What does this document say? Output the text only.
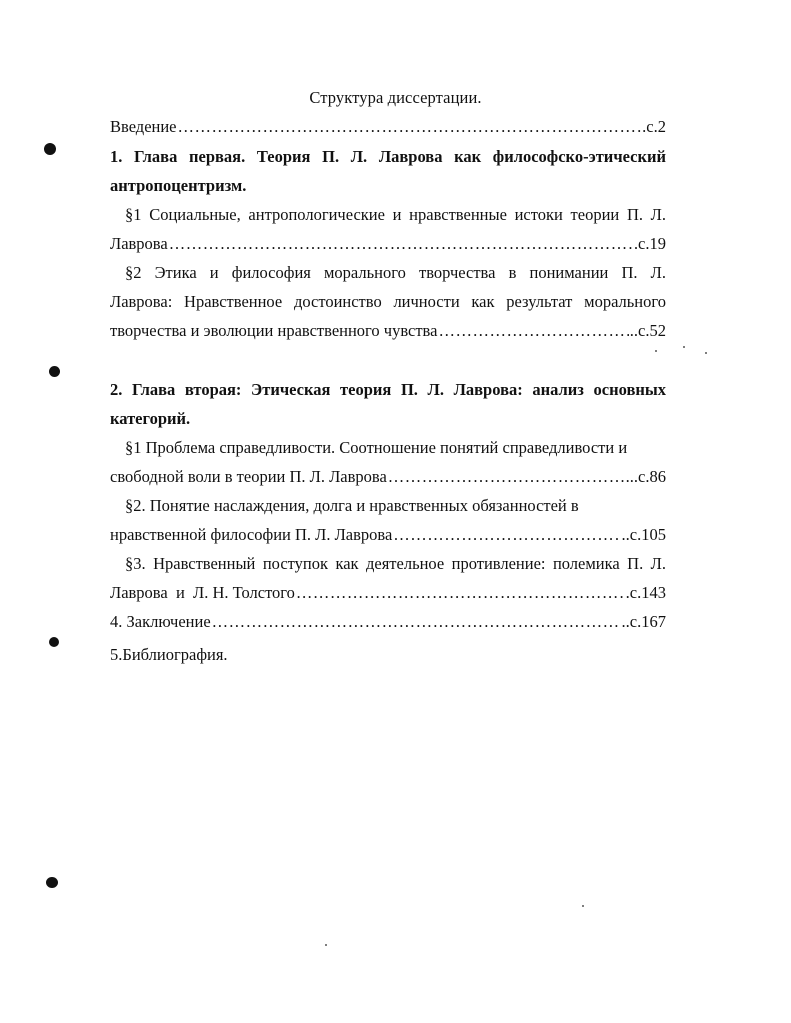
Структура диссертации.
Введение ……………………………………………………………………………………………………………………………………………………………………………………………………	.с.2
1. Глава первая. Теория П. Л. Лаврова как философско-этический
антропоцентризм.
§1 Социальные, антропологические и нравственные истоки теории П. Л.
Лаврова ……………………………………………………………………………………………………………………………………………………………………………………………………	с.19
§2 Этика и философия морального творчества в понимании П. Л.
Лаврова: Нравственное достоинство личности как результат морального
творчества и эволюции нравственного чувства ……………………………………………………………………………………………………………………………………………………………………………………………………	..с.52
2. Глава вторая: Этическая теория П. Л. Лаврова: анализ основных
категорий.
§1 Проблема справедливости. Соотношение понятий справедливости и
свободной воли в теории П. Л. Лаврова ……………………………………………………………………………………………………………………………………………………………………………………………………	...с.86
§2. Понятие наслаждения, долга и нравственных обязанностей в
нравственной философии П. Л. Лаврова ……………………………………………………………………………………………………………………………………………………………………………………………………	..с.105
§3. Нравственный поступок как деятельное противление: полемика П. Л.
Лаврова  и  Л. Н. Толстого ……………………………………………………………………………………………………………………………………………………………………………………………………	.с.143
4. Заключение ……………………………………………………………………………………………………………………………………………………………………………………………………	..с.167
5.Библиография.
